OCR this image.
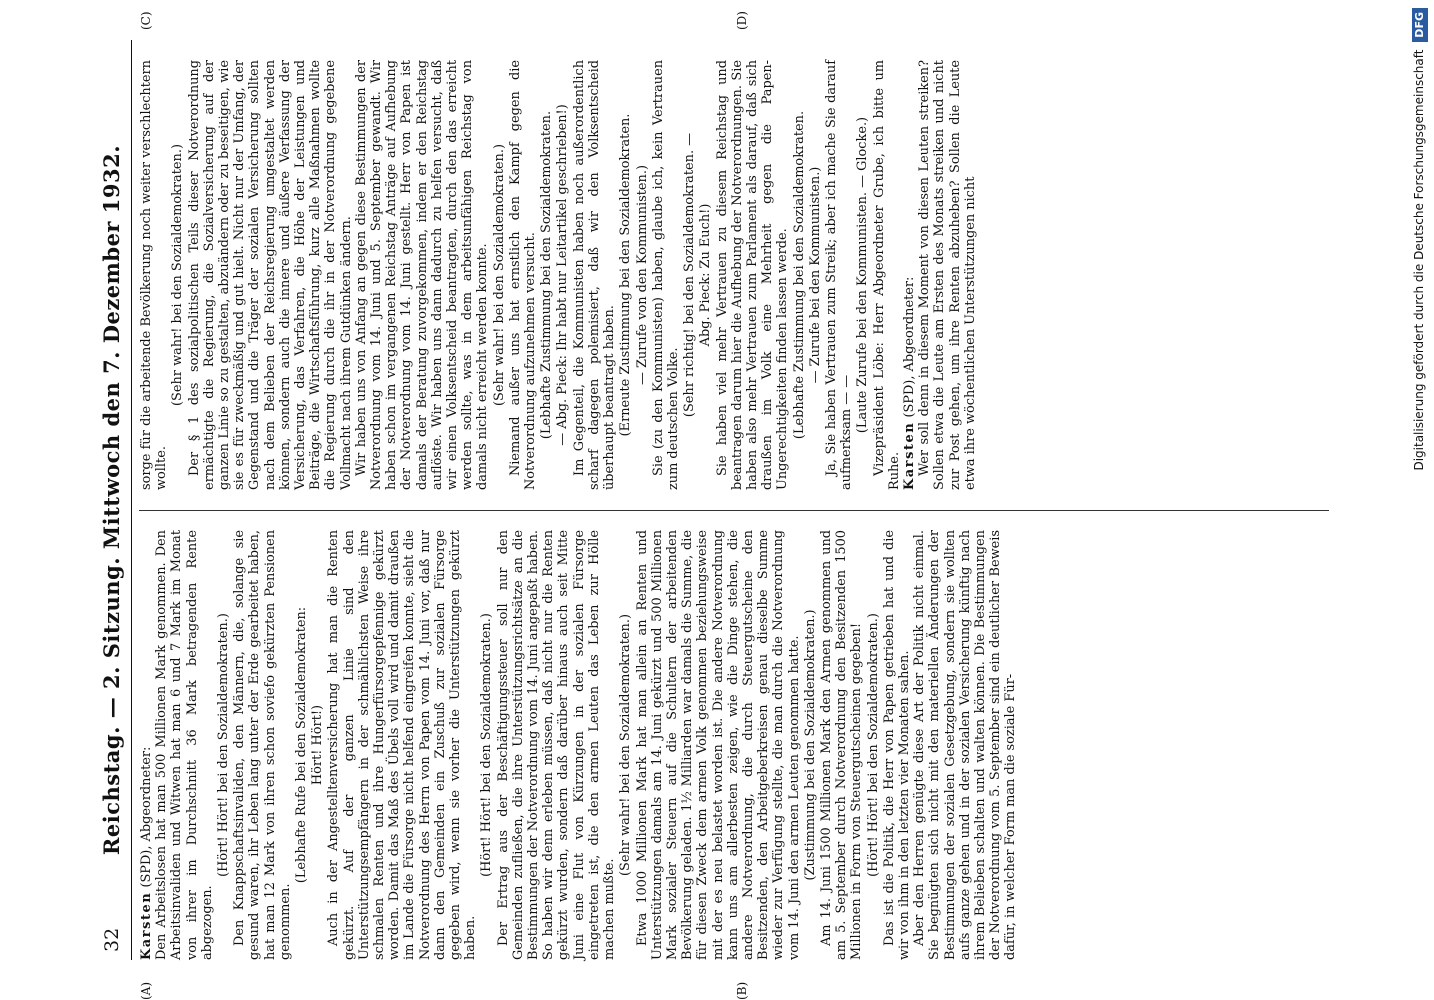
32
Reichstag. — 2. Sitzung. Mittwoch den 7. Dezember 1932.
(A)	(B)
(C)	(D)

Karsten (SPD), Abgeordneter: Den Arbeitslosen hat man 500 Millionen Mark genommen. Den Arbeitsinvaliden und Witwen hat man 6 und 7 Mark im Monat von ihrer im Durchschnitt 36 Mark betragenden Rente abgezogen.

(Hört! Hört! bei den Sozialdemokraten.) Den Knappschaftsinvaliden, den Männern, die, solange sie gesund waren, ihr Leben lang unter der Erde gearbeitet haben, hat man 12 Mark von ihren schon soviefo gekürzten Pensionen genommen.

(Lebhafte Rufe bei den Sozialdemokraten: Hört! Hört!) Auch in der Angestelltenversicherung hat man die Renten gekürzt. Auf der ganzen Linie sind den Unterstützungsempfängern in der schmählichsten Weise ihre schmalen Renten und ihre Hungerfürsorgepfennige gekürzt worden. Damit das Maß des Übels voll wird und damit draußen im Lande die Fürsorge nicht helfend eingreifen konnte, sieht die Notverordnung des Herrn von Papen vom 14. Juni vor, daß nur dann den Gemeinden ein Zuschuß zur sozialen Fürsorge gegeben wird, wenn sie vorher die Unterstützungen gekürzt haben.

(Hört! Hört! bei den Sozialdemokraten.) Der Ertrag aus der Beschäftigungssteuer soll nur den Gemeinden zufließen, die ihre Unterstützungsrichtsätze an die Bestimmungen der Notverordnung vom 14. Juni angepaßt haben. So haben wir denn erleben müssen, daß nicht nur die Renten gekürzt wurden, sondern daß darüber hinaus auch seit Mitte Juni eine Flut von Kürzungen in der sozialen Fürsorge eingetreten ist, die den armen Leuten das Leben zur Hölle machen mußte.

(Sehr wahr! bei den Sozialdemokraten.) Etwa 1000 Millionen Mark hat man allein an Renten und Unterstützungen damals am 14. Juni gekürzt und 500 Millionen Mark sozialer Steuern auf die Schultern der arbeitenden Bevölkerung geladen. 1½ Milliarden war damals die Summe, die für diesen Zweck dem armen Volk genommen beziehungsweise mit der es neu belastet worden ist. Die andere Notverordnung kann uns am allerbesten zeigen, wie die Dinge stehen, die andere Notverordnung, die durch Steuergutscheine den Besitzenden, den Arbeitgeberkreisen genau dieselbe Summe wieder zur Verfügung stellte, die man durch die Notverordnung vom 14. Juni den armen Leuten genommen hatte. (Zustimmung bei den Sozialdemokraten.) Am 14. Juni 1500 Millionen Mark den Armen genommen und am 5. September durch Notverordnung den Besitzenden 1500 Millionen in Form von Steuergutscheinen gegeben! (Hört! Hört! bei den Sozialdemokraten.) Das ist die Politik, die Herr von Papen getrieben hat und die wir von ihm in den letzten vier Monaten sahen. Aber den Herren genügte diese Art der Politik nicht einmal. Sie begnügten sich nicht mit den materiellen Änderungen der Bestimmungen der sozialen Gesetzgebung, sondern sie wollten aufs ganze gehen und in der sozialen Versicherung künftig nach ihrem Belieben schalten und walten können. Die Bestimmungen der Notverordnung vom 5. September sind ein deutlicher Beweis dafür, in welcher Form man die soziale Für-

sorge für die arbeitende Bevölkerung noch weiter verschlechtern wollte.

(Sehr wahr! bei den Sozialdemokraten.) Der § 1 des sozialpolitischen Teils dieser Notverordnung ermächtigte die Regierung, die Sozialversicherung auf der ganzen Linie so zu gestalten, abzuändern oder zu beseitigen, wie sie es für zweckmäßig und gut hielt. Nicht nur der Umfang, der Gegenstand und die Träger der sozialen Versicherung sollten nach dem Belieben der Reichsregierung umgestaltet werden können, sondern auch die innere und äußere Verfassung der Versicherung, das Verfahren, die Höhe der Leistungen und Beiträge, die Wirtschaftsführung, kurz alle Maßnahmen wollte die Regierung durch die ihr in der Notverordnung gegebene Vollmacht nach ihrem Gutdünken ändern. Wir haben uns von Anfang an gegen diese Bestimmungen der Notverordnung vom 14. Juni und 5. September gewandt. Wir haben schon im vergangenen Reichstag Anträge auf Aufhebung der Notverordnung vom 14. Juni gestellt. Herr von Papen ist damals der Beratung zuvorgekommen, indem er den Reichstag auflöste. Wir haben uns dann dadurch zu helfen versucht, daß wir einen Volksentscheid beantragten, durch den das erreicht werden sollte, was in dem arbeitsunfähigen Reichstag von damals nicht erreicht werden konnte. (Sehr wahr! bei den Sozialdemokraten.) Niemand außer uns hat ernstlich den Kampf gegen die Notverordnung aufzunehmen versucht. (Lebhafte Zustimmung bei den Sozialdemokraten. — Abg. Pieck: Ihr habt nur Leitartikel geschrieben!) Im Gegenteil, die Kommunisten haben noch außerordentlich scharf dagegen polemisiert, daß wir den Volksentscheid überhaupt beantragt haben. (Erneute Zustimmung bei den Sozialdemokraten. — Zurufe von den Kommunisten.) Sie (zu den Kommunisten) haben, glaube ich, kein Vertrauen zum deutschen Volke.

(Sehr richtig! bei den Sozialdemokraten. — Abg. Pieck: Zu Euch!) Sie haben viel mehr Vertrauen zu diesem Reichstag und beantragen darum hier die Aufhebung der Notverordnungen. Sie haben also mehr Vertrauen zum Parlament als darauf, daß sich draußen im Volk eine Mehrheit gegen die Papen-Ungerechtigkeiten finden lassen werde. (Lebhafte Zustimmung bei den Sozialdemokraten. — Zurufe bei den Kommunisten.) Ja, Sie haben Vertrauen zum Streik; aber ich mache Sie darauf aufmerksam — — (Laute Zurufe bei den Kommunisten. — Glocke.) Vizepräsident Löbe: Herr Abgeordneter Grube, ich bitte um Ruhe. Karsten (SPD), Abgeordneter: Wer soll denn in diesem Moment von diesen Leuten streiken? Sollen etwa die Leute am Ersten des Monats streiken und nicht zur Post gehen, um ihre Renten abzuheben? Sollen die Leute etwa ihre wöchentlichen Unterstützungen nicht	Digitalisierung gefördert durch die Deutsche Forschungsgemeinschaft DFG
